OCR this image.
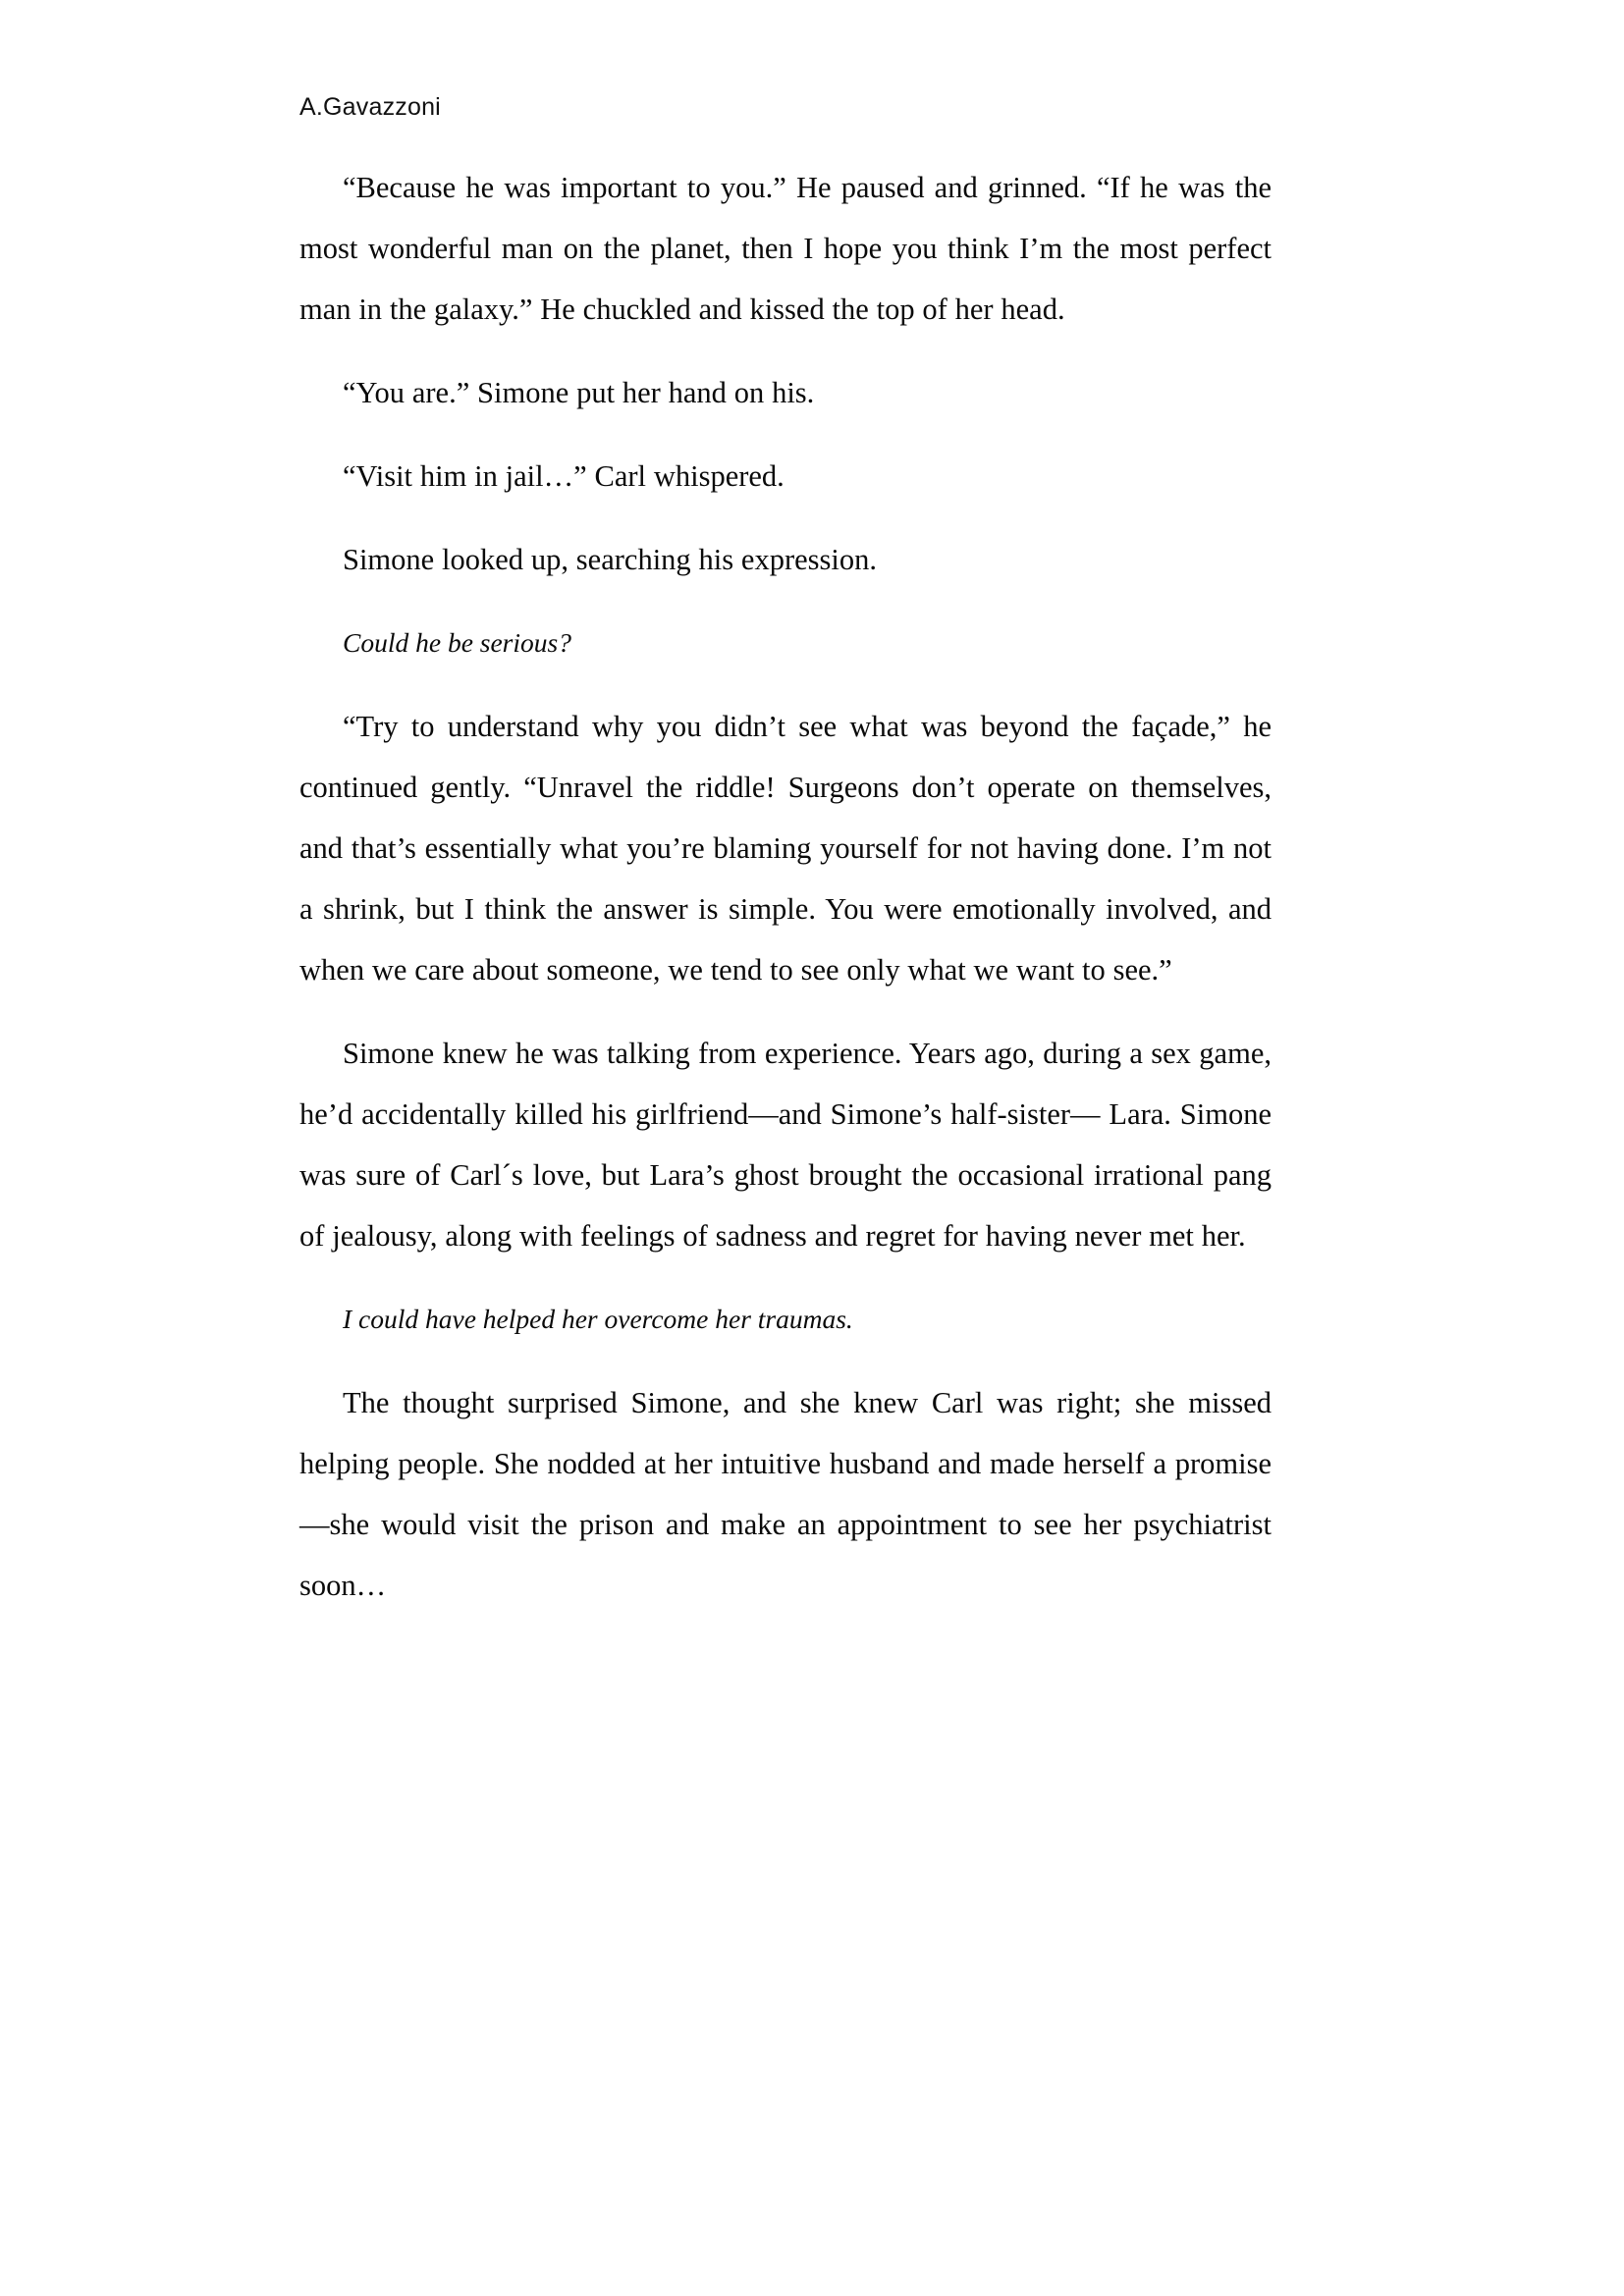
A.Gavazzoni

“Because he was important to you.” He paused and grinned. “If he was the most wonderful man on the planet, then I hope you think I’m the most perfect man in the galaxy.” He chuckled and kissed the top of her head.

“You are.” Simone put her hand on his.

“Visit him in jail…” Carl whispered.

Simone looked up, searching his expression.

Could he be serious?

“Try to understand why you didn’t see what was beyond the façade,” he continued gently. “Unravel the riddle! Surgeons don’t operate on themselves, and that’s essentially what you’re blaming yourself for not having done. I’m not a shrink, but I think the answer is simple. You were emotionally involved, and when we care about someone, we tend to see only what we want to see.”

Simone knew he was talking from experience. Years ago, during a sex game, he’d accidentally killed his girlfriend—and Simone’s half-sister— Lara. Simone was sure of Carl´s love, but Lara’s ghost brought the occasional irrational pang of jealousy, along with feelings of sadness and regret for having never met her.

I could have helped her overcome her traumas.

The thought surprised Simone, and she knew Carl was right; she missed helping people. She nodded at her intuitive husband and made herself a promise—she would visit the prison and make an appointment to see her psychiatrist soon…
